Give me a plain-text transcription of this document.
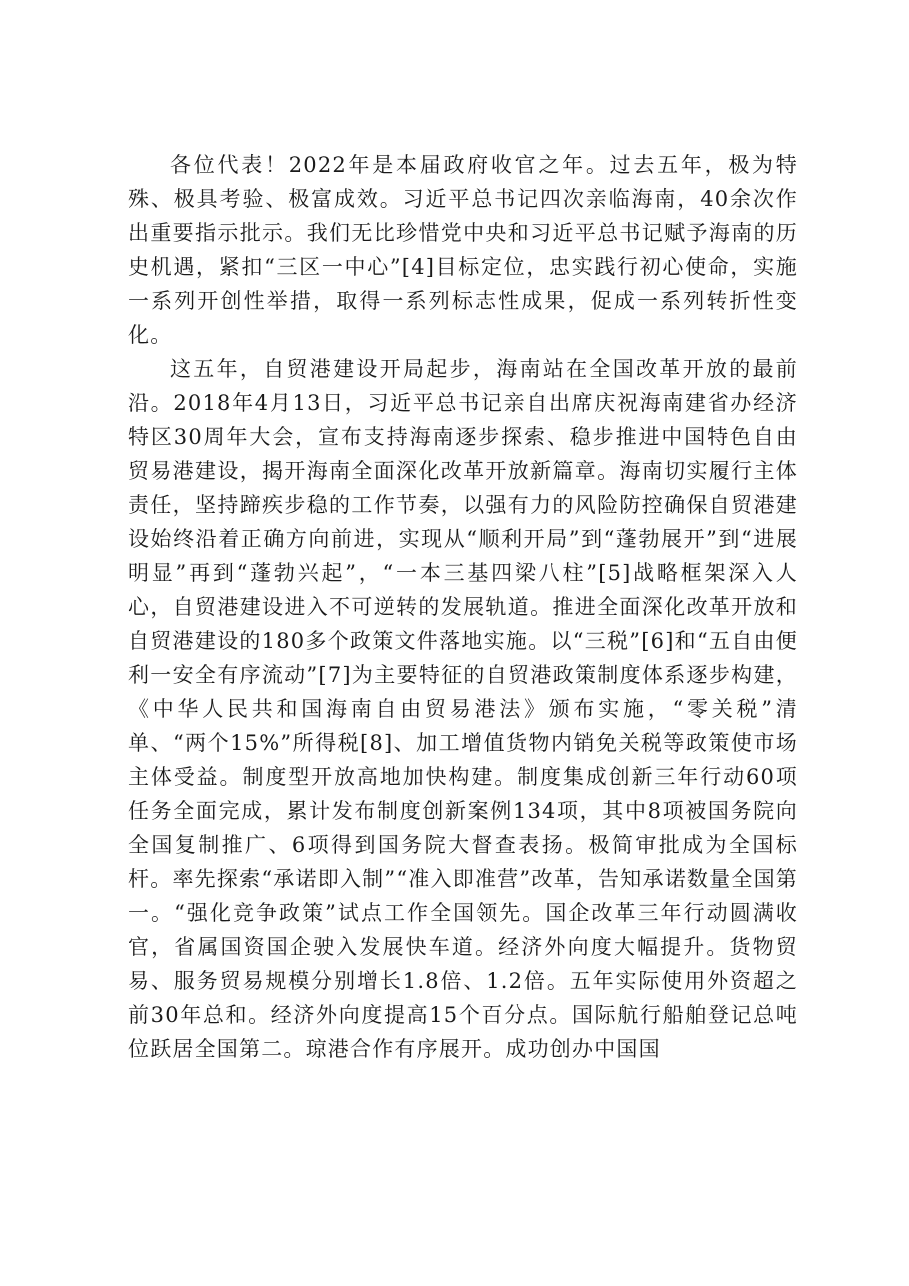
各位代表！2022年是本届政府收官之年。过去五年，极为特殊、极具考验、极富成效。习近平总书记四次亲临海南，40余次作出重要指示批示。我们无比珍惜党中央和习近平总书记赋予海南的历史机遇，紧扣“三区一中心”[4]目标定位，忠实践行初心使命，实施一系列开创性举措，取得一系列标志性成果，促成一系列转折性变化。

这五年，自贸港建设开局起步，海南站在全国改革开放的最前沿。2018年4月13日，习近平总书记亲自出席庆祝海南建省办经济特区30周年大会，宣布支持海南逐步探索、稳步推进中国特色自由贸易港建设，揭开海南全面深化改革开放新篇章。海南切实履行主体责任，坚持蹄疾步稳的工作节奏，以强有力的风险防控确保自贸港建设始终沿着正确方向前进，实现从“顺利开局”到“蓬勃展开”到“进展明显”再到“蓬勃兴起”，“一本三基四梁八柱”[5]战略框架深入人心，自贸港建设进入不可逆转的发展轨道。推进全面深化改革开放和自贸港建设的180多个政策文件落地实施。以“三税”[6]和“五自由便利一安全有序流动”[7]为主要特征的自贸港政策制度体系逐步构建，《中华人民共和国海南自由贸易港法》颁布实施，“零关税”清单、“两个15%”所得税[8]、加工增值货物内销免关税等政策使市场主体受益。制度型开放高地加快构建。制度集成创新三年行动60项任务全面完成，累计发布制度创新案例134项，其中8项被国务院向全国复制推广、6项得到国务院大督查表扬。极简审批成为全国标杆。率先探索“承诺即入制”“准入即准营”改革，告知承诺数量全国第一。“强化竞争政策”试点工作全国领先。国企改革三年行动圆满收官，省属国资国企驶入发展快车道。经济外向度大幅提升。货物贸易、服务贸易规模分别增长1.8倍、1.2倍。五年实际使用外资超之前30年总和。经济外向度提高15个百分点。国际航行船舶登记总吨位跃居全国第二。琼港合作有序展开。成功创办中国国
